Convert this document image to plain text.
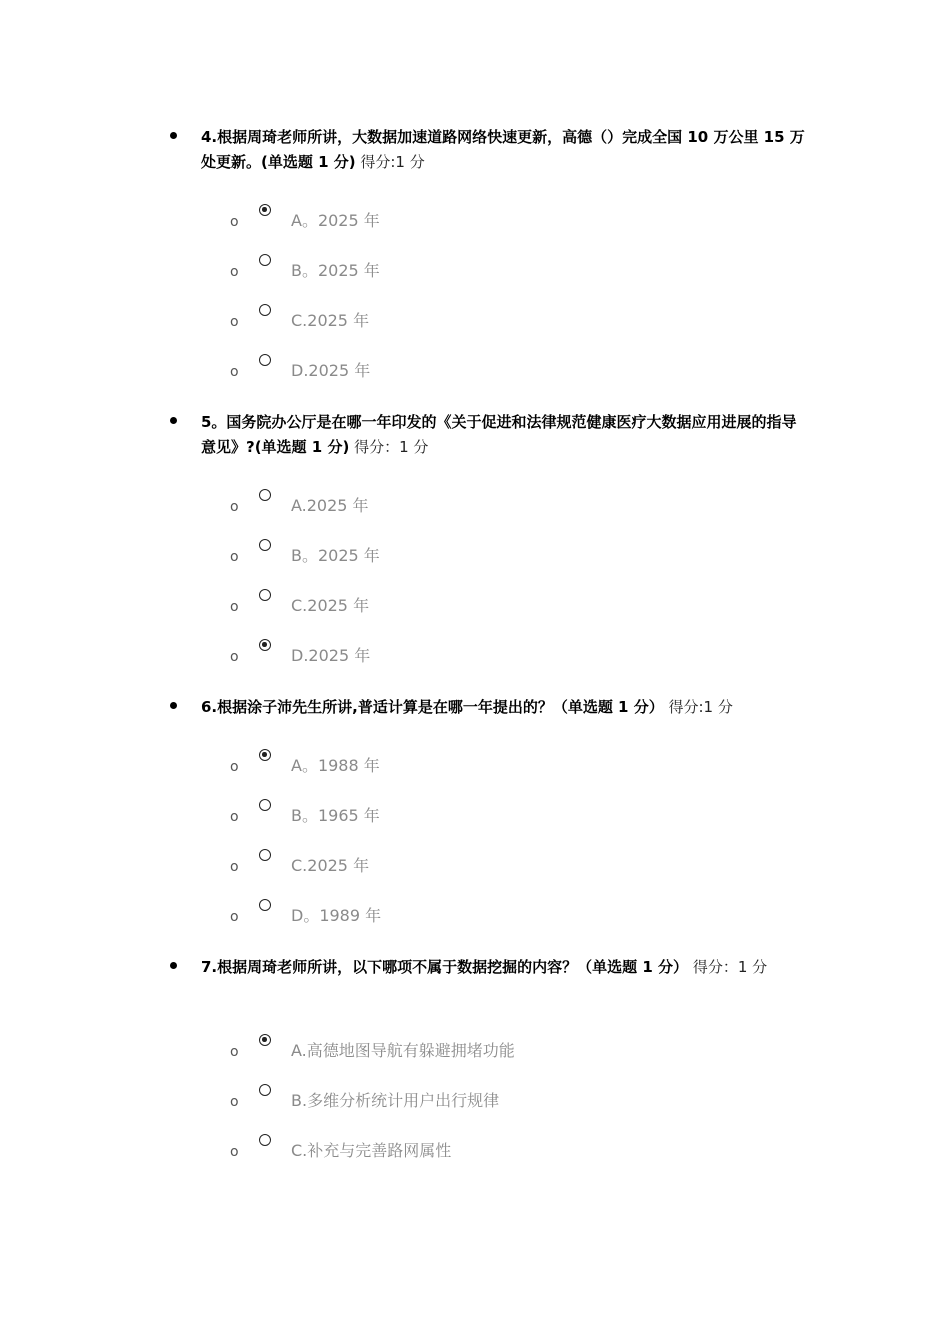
4.根据周琦老师所讲，大数据加速道路网络快速更新，高德（）完成全国 10 万公里 15 万处更新。(单选题 1 分) 得分:1 分
o	A。2025 年
o	B。2025 年
o	C.2025 年
o	D.2025 年
5。国务院办公厅是在哪一年印发的《关于促进和法律规范健康医疗大数据应用进展的指导意见》?(单选题 1 分) 得分：1 分
o	A.2025 年
o	B。2025 年
o	C.2025 年
o	D.2025 年
6.根据涂子沛先生所讲,普适计算是在哪一年提出的？（单选题 1 分） 得分:1 分
o	A。1988 年
o	B。1965 年
o	C.2025 年
o	D。1989 年
7.根据周琦老师所讲，以下哪项不属于数据挖掘的内容？（单选题 1 分） 得分：1 分
o	A.高德地图导航有躲避拥堵功能
o	B.多维分析统计用户出行规律
o	C.补充与完善路网属性
